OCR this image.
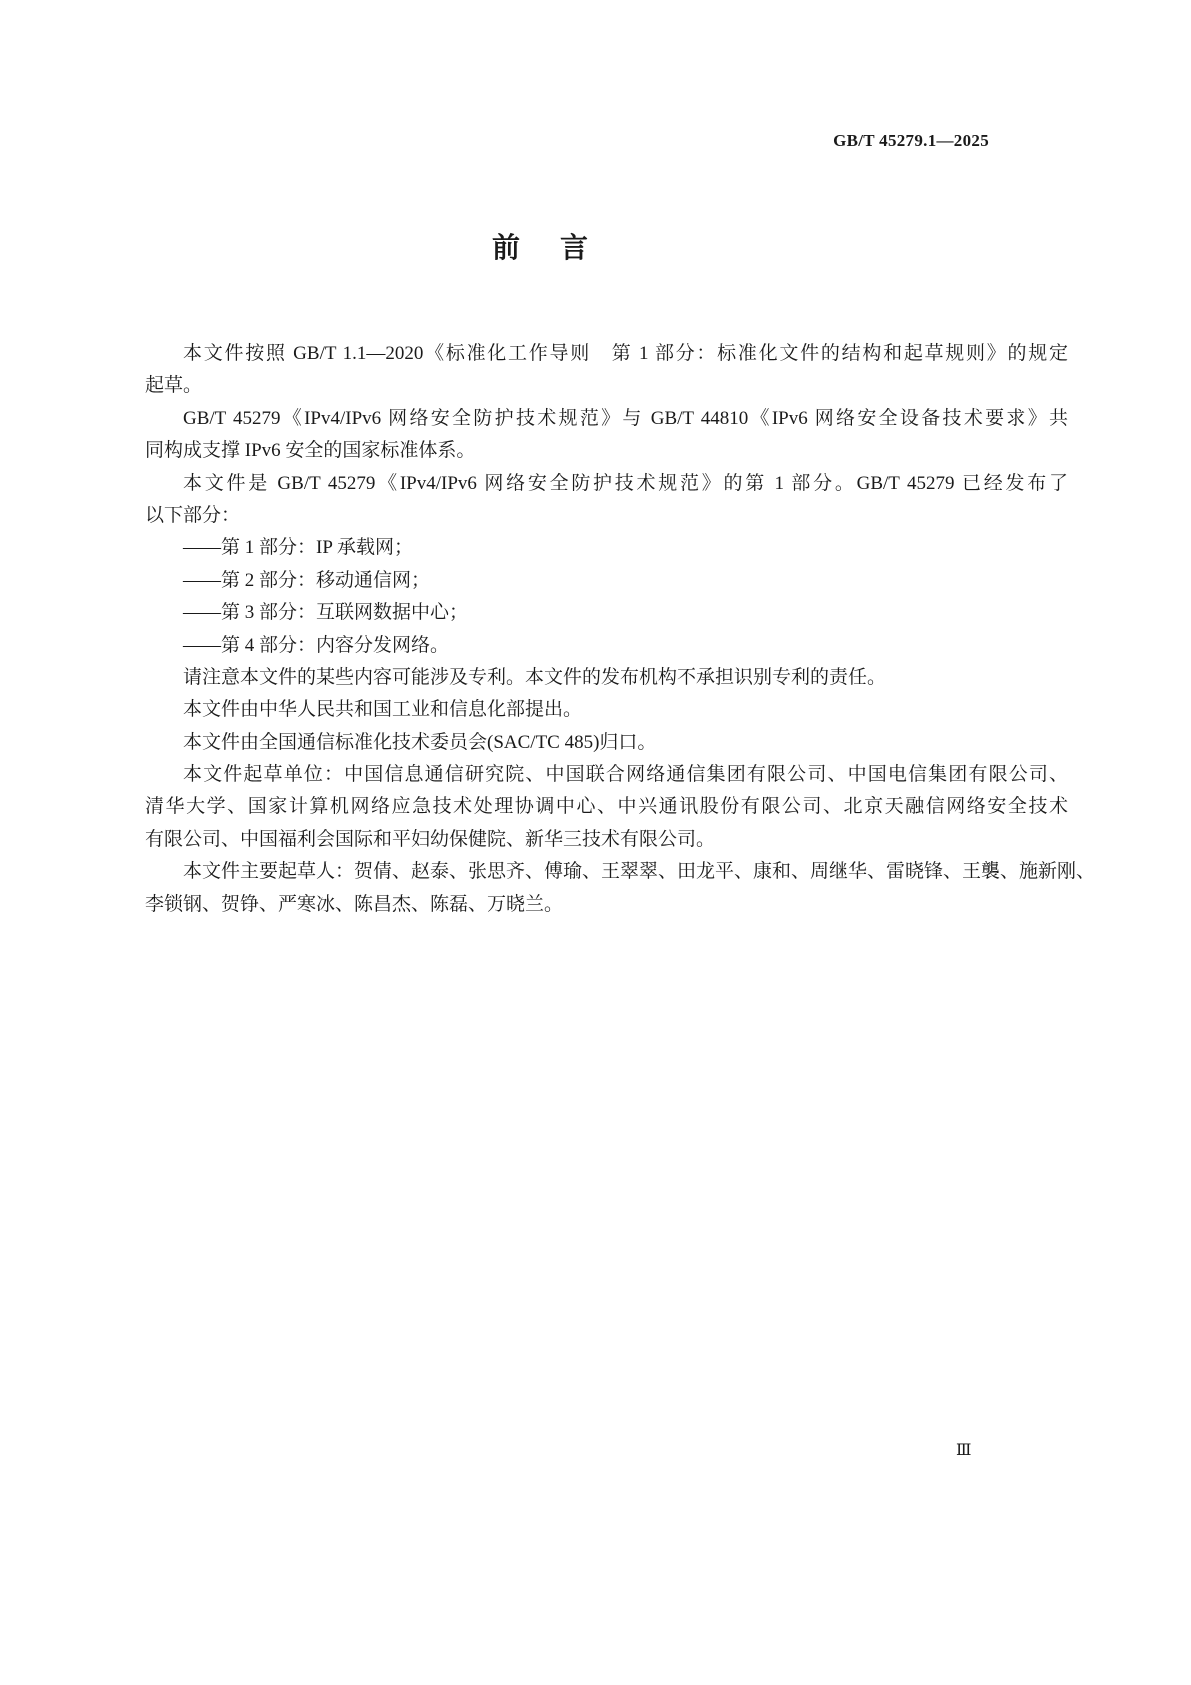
GB/T 45279.1—2025
前言
本文件按照 GB/T 1.1—2020《标准化工作导则　第 1 部分：标准化文件的结构和起草规则》的规定
起草。
GB/T 45279《IPv4/IPv6 网络安全防护技术规范》与 GB/T 44810《IPv6 网络安全设备技术要求》共
同构成支撑 IPv6 安全的国家标准体系。
本文件是 GB/T 45279《IPv4/IPv6 网络安全防护技术规范》的第 1 部分。GB/T 45279 已经发布了
以下部分：
——第 1 部分：IP 承载网；
——第 2 部分：移动通信网；
——第 3 部分：互联网数据中心；
——第 4 部分：内容分发网络。
请注意本文件的某些内容可能涉及专利。本文件的发布机构不承担识别专利的责任。
本文件由中华人民共和国工业和信息化部提出。
本文件由全国通信标准化技术委员会(SAC/TC 485)归口。
本文件起草单位：中国信息通信研究院、中国联合网络通信集团有限公司、中国电信集团有限公司、
清华大学、国家计算机网络应急技术处理协调中心、中兴通讯股份有限公司、北京天融信网络安全技术
有限公司、中国福利会国际和平妇幼保健院、新华三技术有限公司。
本文件主要起草人：贺倩、赵泰、张思齐、傅瑜、王翠翠、田龙平、康和、周继华、雷晓锋、王襲、施新刚、
李锁钢、贺铮、严寒冰、陈昌杰、陈磊、万晓兰。
Ⅲ
